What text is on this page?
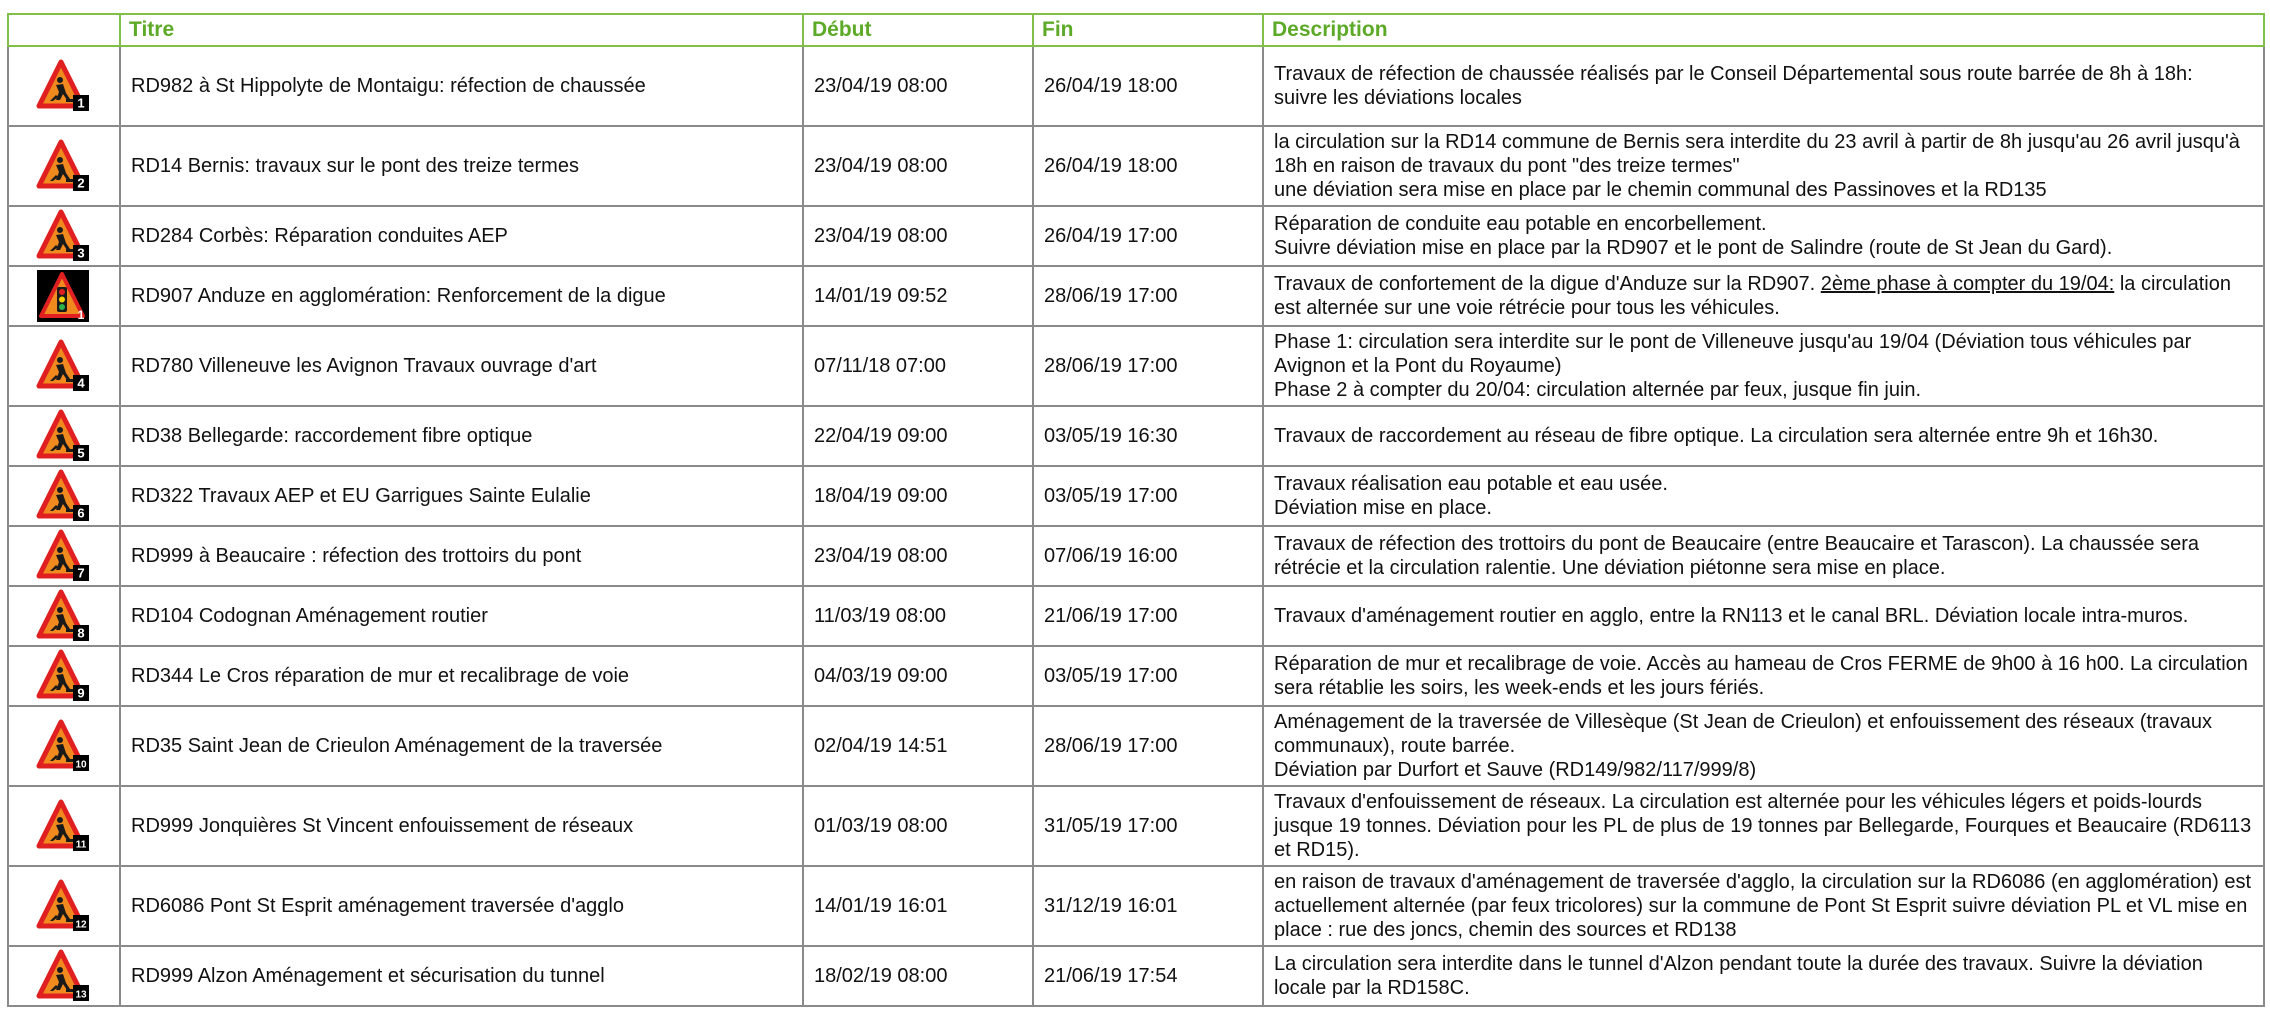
	Titre	Début	Fin	Description

1	RD982 à St Hippolyte de Montaigu: réfection de chaussée	23/04/19 08:00	26/04/19 18:00	Travaux de réfection de chaussée réalisés par le Conseil Départemental sous route barrée de 8h à 18h:
suivre les déviations locales

2	RD14 Bernis: travaux sur le pont des treize termes	23/04/19 08:00	26/04/19 18:00	la circulation sur la RD14 commune de Bernis sera interdite du 23 avril à partir de 8h jusqu'au 26 avril jusqu'à 18h en raison de travaux du pont "des treize termes"
une déviation sera mise en place par le chemin communal des Passinoves et la RD135

3	RD284 Corbès: Réparation conduites AEP	23/04/19 08:00	26/04/19 17:00	Réparation de conduite eau potable en encorbellement.
Suivre déviation mise en place par la RD907 et le pont de Salindre (route de St Jean du Gard).

1	RD907 Anduze en agglomération: Renforcement de la digue	14/01/19 09:52	28/06/19 17:00	Travaux de confortement de la digue d'Anduze sur la RD907. 2ème phase à compter du 19/04: la circulation est alternée sur une voie rétrécie pour tous les véhicules.

4	RD780 Villeneuve les Avignon Travaux ouvrage d'art	07/11/18 07:00	28/06/19 17:00	Phase 1: circulation sera interdite sur le pont de Villeneuve jusqu'au 19/04 (Déviation tous véhicules par Avignon et la Pont du Royaume)
Phase 2 à compter du 20/04: circulation alternée par feux, jusque fin juin.

5	RD38 Bellegarde: raccordement fibre optique	22/04/19 09:00	03/05/19 16:30	Travaux de raccordement au réseau de fibre optique. La circulation sera alternée entre 9h et 16h30.

6	RD322 Travaux AEP et EU Garrigues Sainte Eulalie	18/04/19 09:00	03/05/19 17:00	Travaux réalisation eau potable et eau usée.
Déviation mise en place.

7	RD999 à Beaucaire : réfection des trottoirs du pont	23/04/19 08:00	07/06/19 16:00	Travaux de réfection des trottoirs du pont de Beaucaire (entre Beaucaire et Tarascon). La chaussée sera rétrécie et la circulation ralentie. Une déviation piétonne sera mise en place.

8	RD104 Codognan Aménagement routier	11/03/19 08:00	21/06/19 17:00	Travaux d'aménagement routier en agglo, entre la RN113 et le canal BRL. Déviation locale intra-muros.

9	RD344 Le Cros réparation de mur et recalibrage de voie	04/03/19 09:00	03/05/19 17:00	Réparation de mur et recalibrage de voie. Accès au hameau de Cros FERME de 9h00 à 16 h00. La circulation sera rétablie les soirs, les week-ends et les jours fériés.

10	RD35 Saint Jean de Crieulon Aménagement de la traversée	02/04/19 14:51	28/06/19 17:00	Aménagement de la traversée de Villesèque (St Jean de Crieulon) et enfouissement des réseaux (travaux communaux), route barrée.
Déviation par Durfort et Sauve (RD149/982/117/999/8)

11	RD999 Jonquières St Vincent enfouissement de réseaux	01/03/19 08:00	31/05/19 17:00	Travaux d'enfouissement de réseaux. La circulation est alternée pour les véhicules légers et poids-lourds jusque 19 tonnes. Déviation pour les PL de plus de 19 tonnes par Bellegarde, Fourques et Beaucaire (RD6113 et RD15).

12	RD6086 Pont St Esprit aménagement traversée d'agglo	14/01/19 16:01	31/12/19 16:01	en raison de travaux d'aménagement de traversée d'agglo, la circulation sur la RD6086 (en agglomération) est actuellement alternée (par feux tricolores) sur la commune de Pont St Esprit suivre déviation PL et VL mise en place : rue des joncs, chemin des sources et RD138

13	RD999 Alzon Aménagement et sécurisation du tunnel	18/02/19 08:00	21/06/19 17:54	La circulation sera interdite dans le tunnel d'Alzon pendant toute la durée des travaux. Suivre la déviation locale par la RD158C.
